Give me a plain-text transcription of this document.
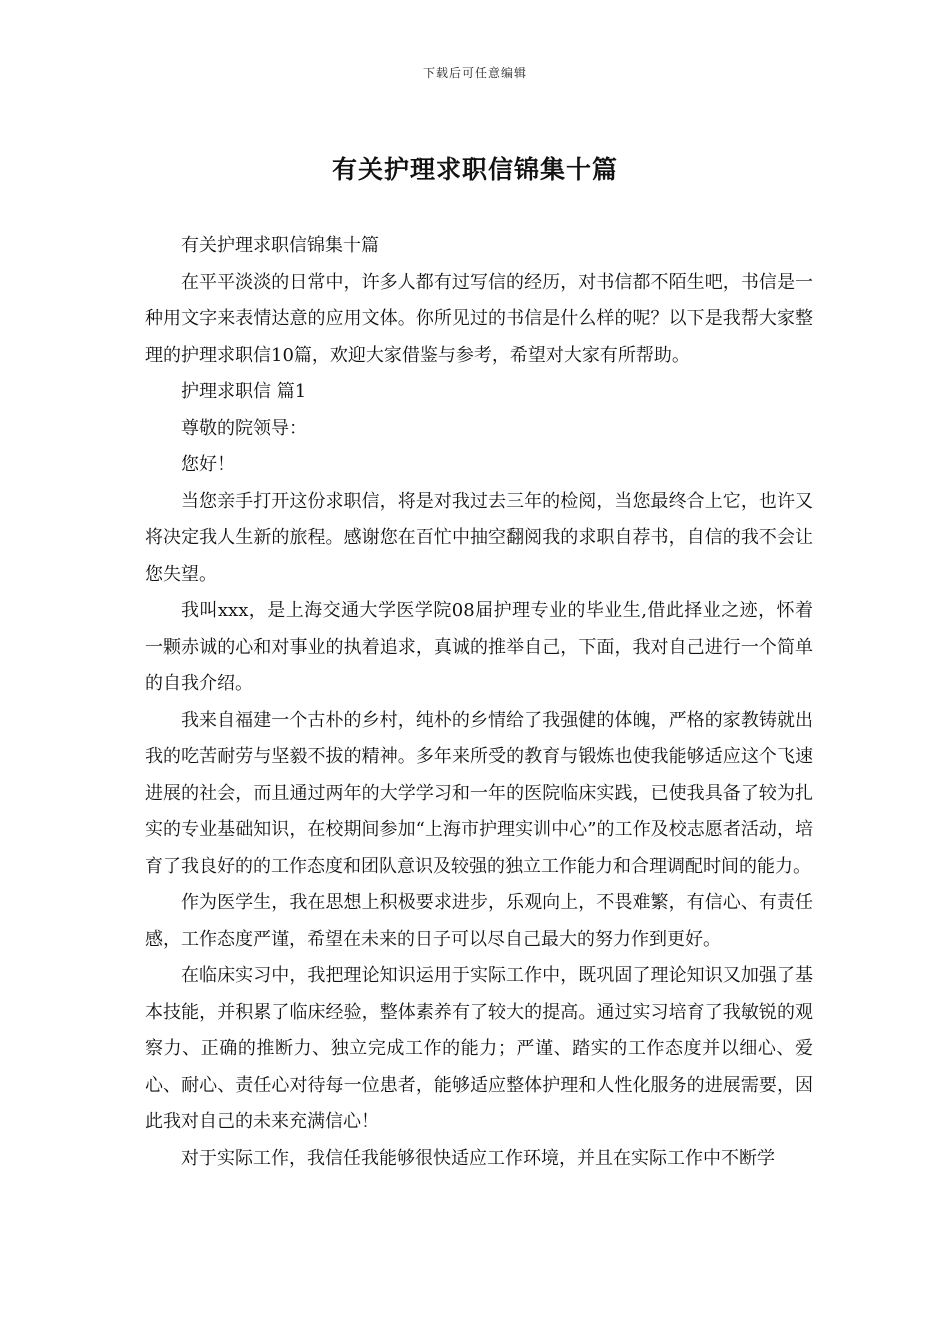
下载后可任意编辑
有关护理求职信锦集十篇

有关护理求职信锦集十篇

在平平淡淡的日常中，许多人都有过写信的经历，对书信都不陌生吧，书信是一种用文字来表情达意的应用文体。你所见过的书信是什么样的呢？以下是我帮大家整理的护理求职信10篇，欢迎大家借鉴与参考，希望对大家有所帮助。

护理求职信 篇1

尊敬的院领导：

您好！

当您亲手打开这份求职信，将是对我过去三年的检阅，当您最终合上它，也许又将决定我人生新的旅程。感谢您在百忙中抽空翻阅我的求职自荐书，自信的我不会让您失望。

我叫xxx，是上海交通大学医学院08届护理专业的毕业生,借此择业之迹，怀着一颗赤诚的心和对事业的执着追求，真诚的推举自己，下面，我对自己进行一个简单的自我介绍。

我来自福建一个古朴的乡村，纯朴的乡情给了我强健的体魄，严格的家教铸就出我的吃苦耐劳与坚毅不拔的精神。多年来所受的教育与锻炼也使我能够适应这个飞速进展的社会，而且通过两年的大学学习和一年的医院临床实践，已使我具备了较为扎实的专业基础知识，在校期间参加“上海市护理实训中心”的工作及校志愿者活动，培育了我良好的的工作态度和团队意识及较强的独立工作能力和合理调配时间的能力。

作为医学生，我在思想上积极要求进步，乐观向上，不畏难繁，有信心、有责任感，工作态度严谨，希望在未来的日子可以尽自己最大的努力作到更好。

在临床实习中，我把理论知识运用于实际工作中，既巩固了理论知识又加强了基本技能，并积累了临床经验，整体素养有了较大的提高。通过实习培育了我敏锐的观察力、正确的推断力、独立完成工作的能力；严谨、踏实的工作态度并以细心、爱心、耐心、责任心对待每一位患者，能够适应整体护理和人性化服务的进展需要，因此我对自己的未来充满信心！

对于实际工作，我信任我能够很快适应工作环境，并且在实际工作中不断学
